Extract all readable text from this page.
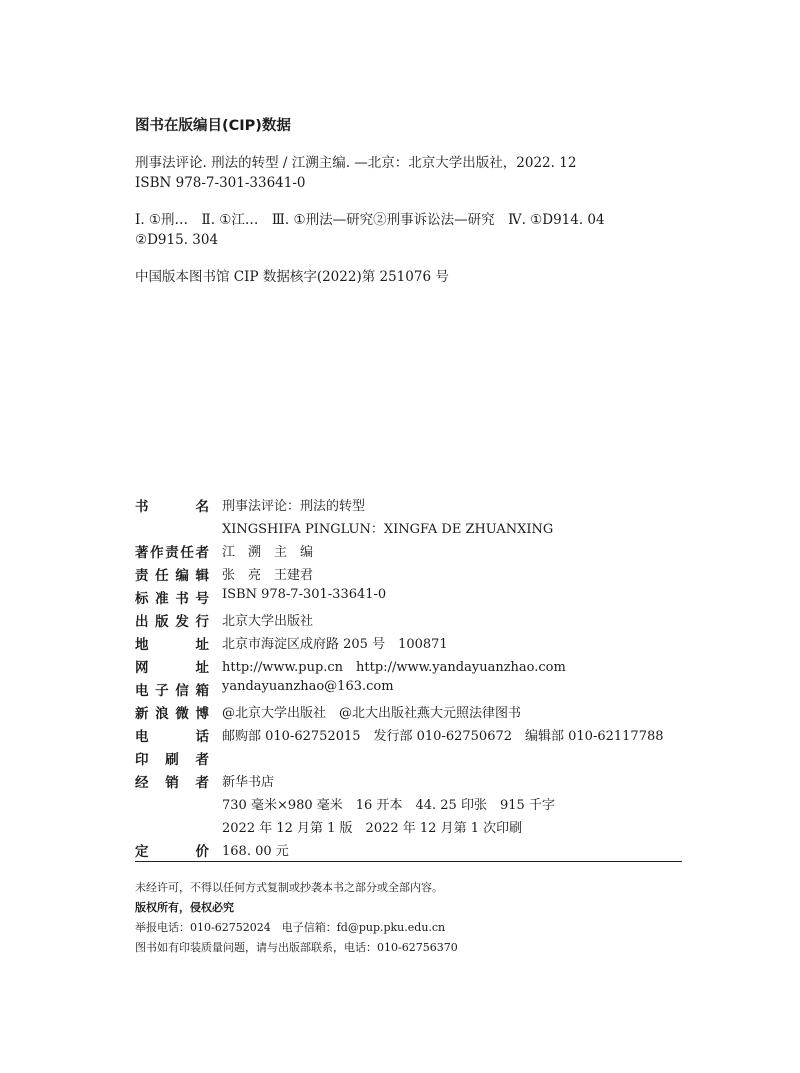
图书在版编目(CIP)数据
刑事法评论. 刑法的转型 / 江溯主编. —北京：北京大学出版社，2022. 12
ISBN 978-7-301-33641-0
Ⅰ. ①刑…　Ⅱ. ①江…　Ⅲ. ①刑法—研究②刑事诉讼法—研究　Ⅳ. ①D914. 04
②D915. 304
中国版本图书馆 CIP 数据核字(2022)第 251076 号
书	名 刑事法评论：刑法的转型
XINGSHIFA PINGLUN：XINGFA DE ZHUANXING
著 作 责 任 者 江　溯　主　编
责 任 编 辑 张　亮　王建君
标 准 书 号 ISBN 978-7-301-33641-0
出 版 发 行 北京大学出版社
地	址 北京市海淀区成府路 205 号　100871
网	址 http://www.pup.cn　http://www.yandayuanzhao.com
电 子 信 箱 yandayuanzhao@163.com
新 浪 微 博 @北京大学出版社　@北大出版社燕大元照法律图书
电	话 邮购部 010-62752015　发行部 010-62750672　编辑部 010-62117788
印 刷 者
经 销 者 新华书店
730 毫米×980 毫米　16 开本　44. 25 印张　915 千字
2022 年 12 月第 1 版　2022 年 12 月第 1 次印刷
定	价 168. 00 元
未经许可，不得以任何方式复制或抄袭本书之部分或全部内容。
版权所有，侵权必究
举报电话：010-62752024　电子信箱：fd@pup.pku.edu.cn
图书如有印装质量问题，请与出版部联系，电话：010-62756370
